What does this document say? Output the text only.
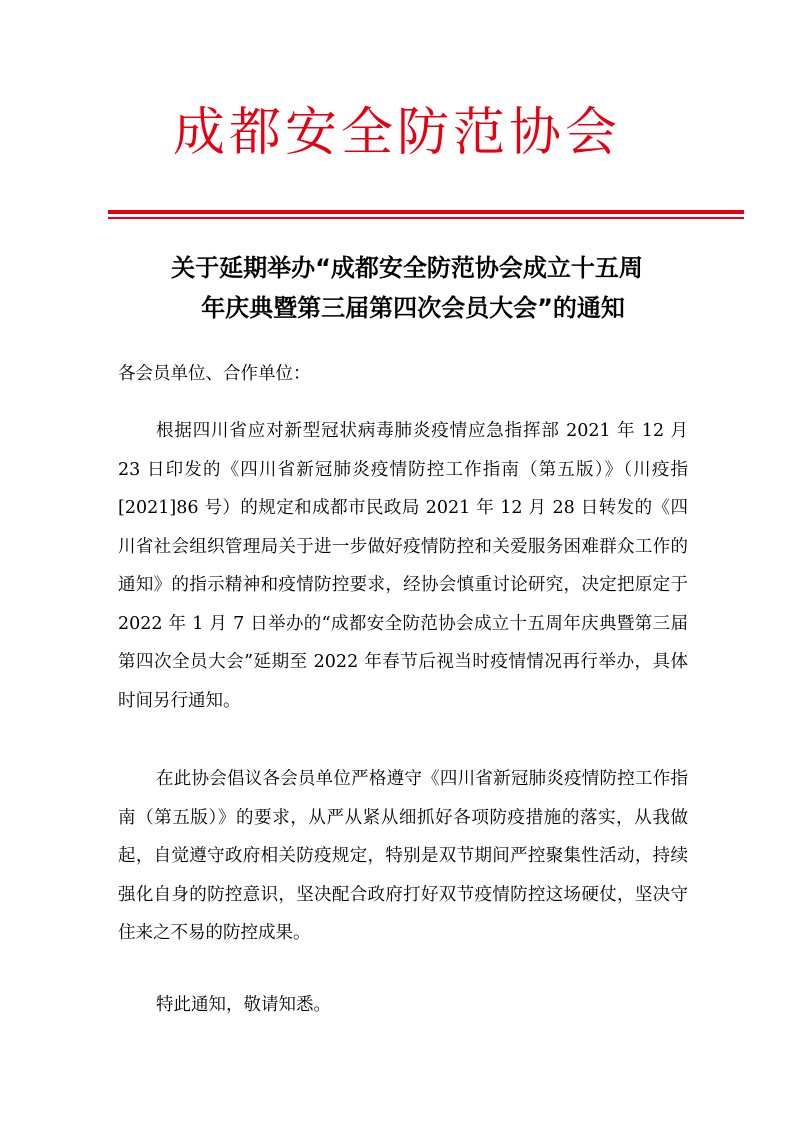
成都安全防范协会
关于延期举办“成都安全防范协会成立十五周
年庆典暨第三届第四次会员大会”的通知

各会员单位、合作单位：

根据四川省应对新型冠状病毒肺炎疫情应急指挥部 2021 年 12 月 23 日印发的《四川省新冠肺炎疫情防控工作指南（第五版）》（川疫指[2021]86 号）的规定和成都市民政局 2021 年 12 月 28 日转发的《四川省社会组织管理局关于进一步做好疫情防控和关爱服务困难群众工作的通知》的指示精神和疫情防控要求，经协会慎重讨论研究，决定把原定于 2022 年 1 月 7 日举办的“成都安全防范协会成立十五周年庆典暨第三届第四次全员大会”延期至 2022 年春节后视当时疫情情况再行举办，具体时间另行通知。

在此协会倡议各会员单位严格遵守《四川省新冠肺炎疫情防控工作指南（第五版）》的要求，从严从紧从细抓好各项防疫措施的落实，从我做起，自觉遵守政府相关防疫规定，特别是双节期间严控聚集性活动，持续强化自身的防控意识，坚决配合政府打好双节疫情防控这场硬仗，坚决守住来之不易的防控成果。

特此通知，敬请知悉。
